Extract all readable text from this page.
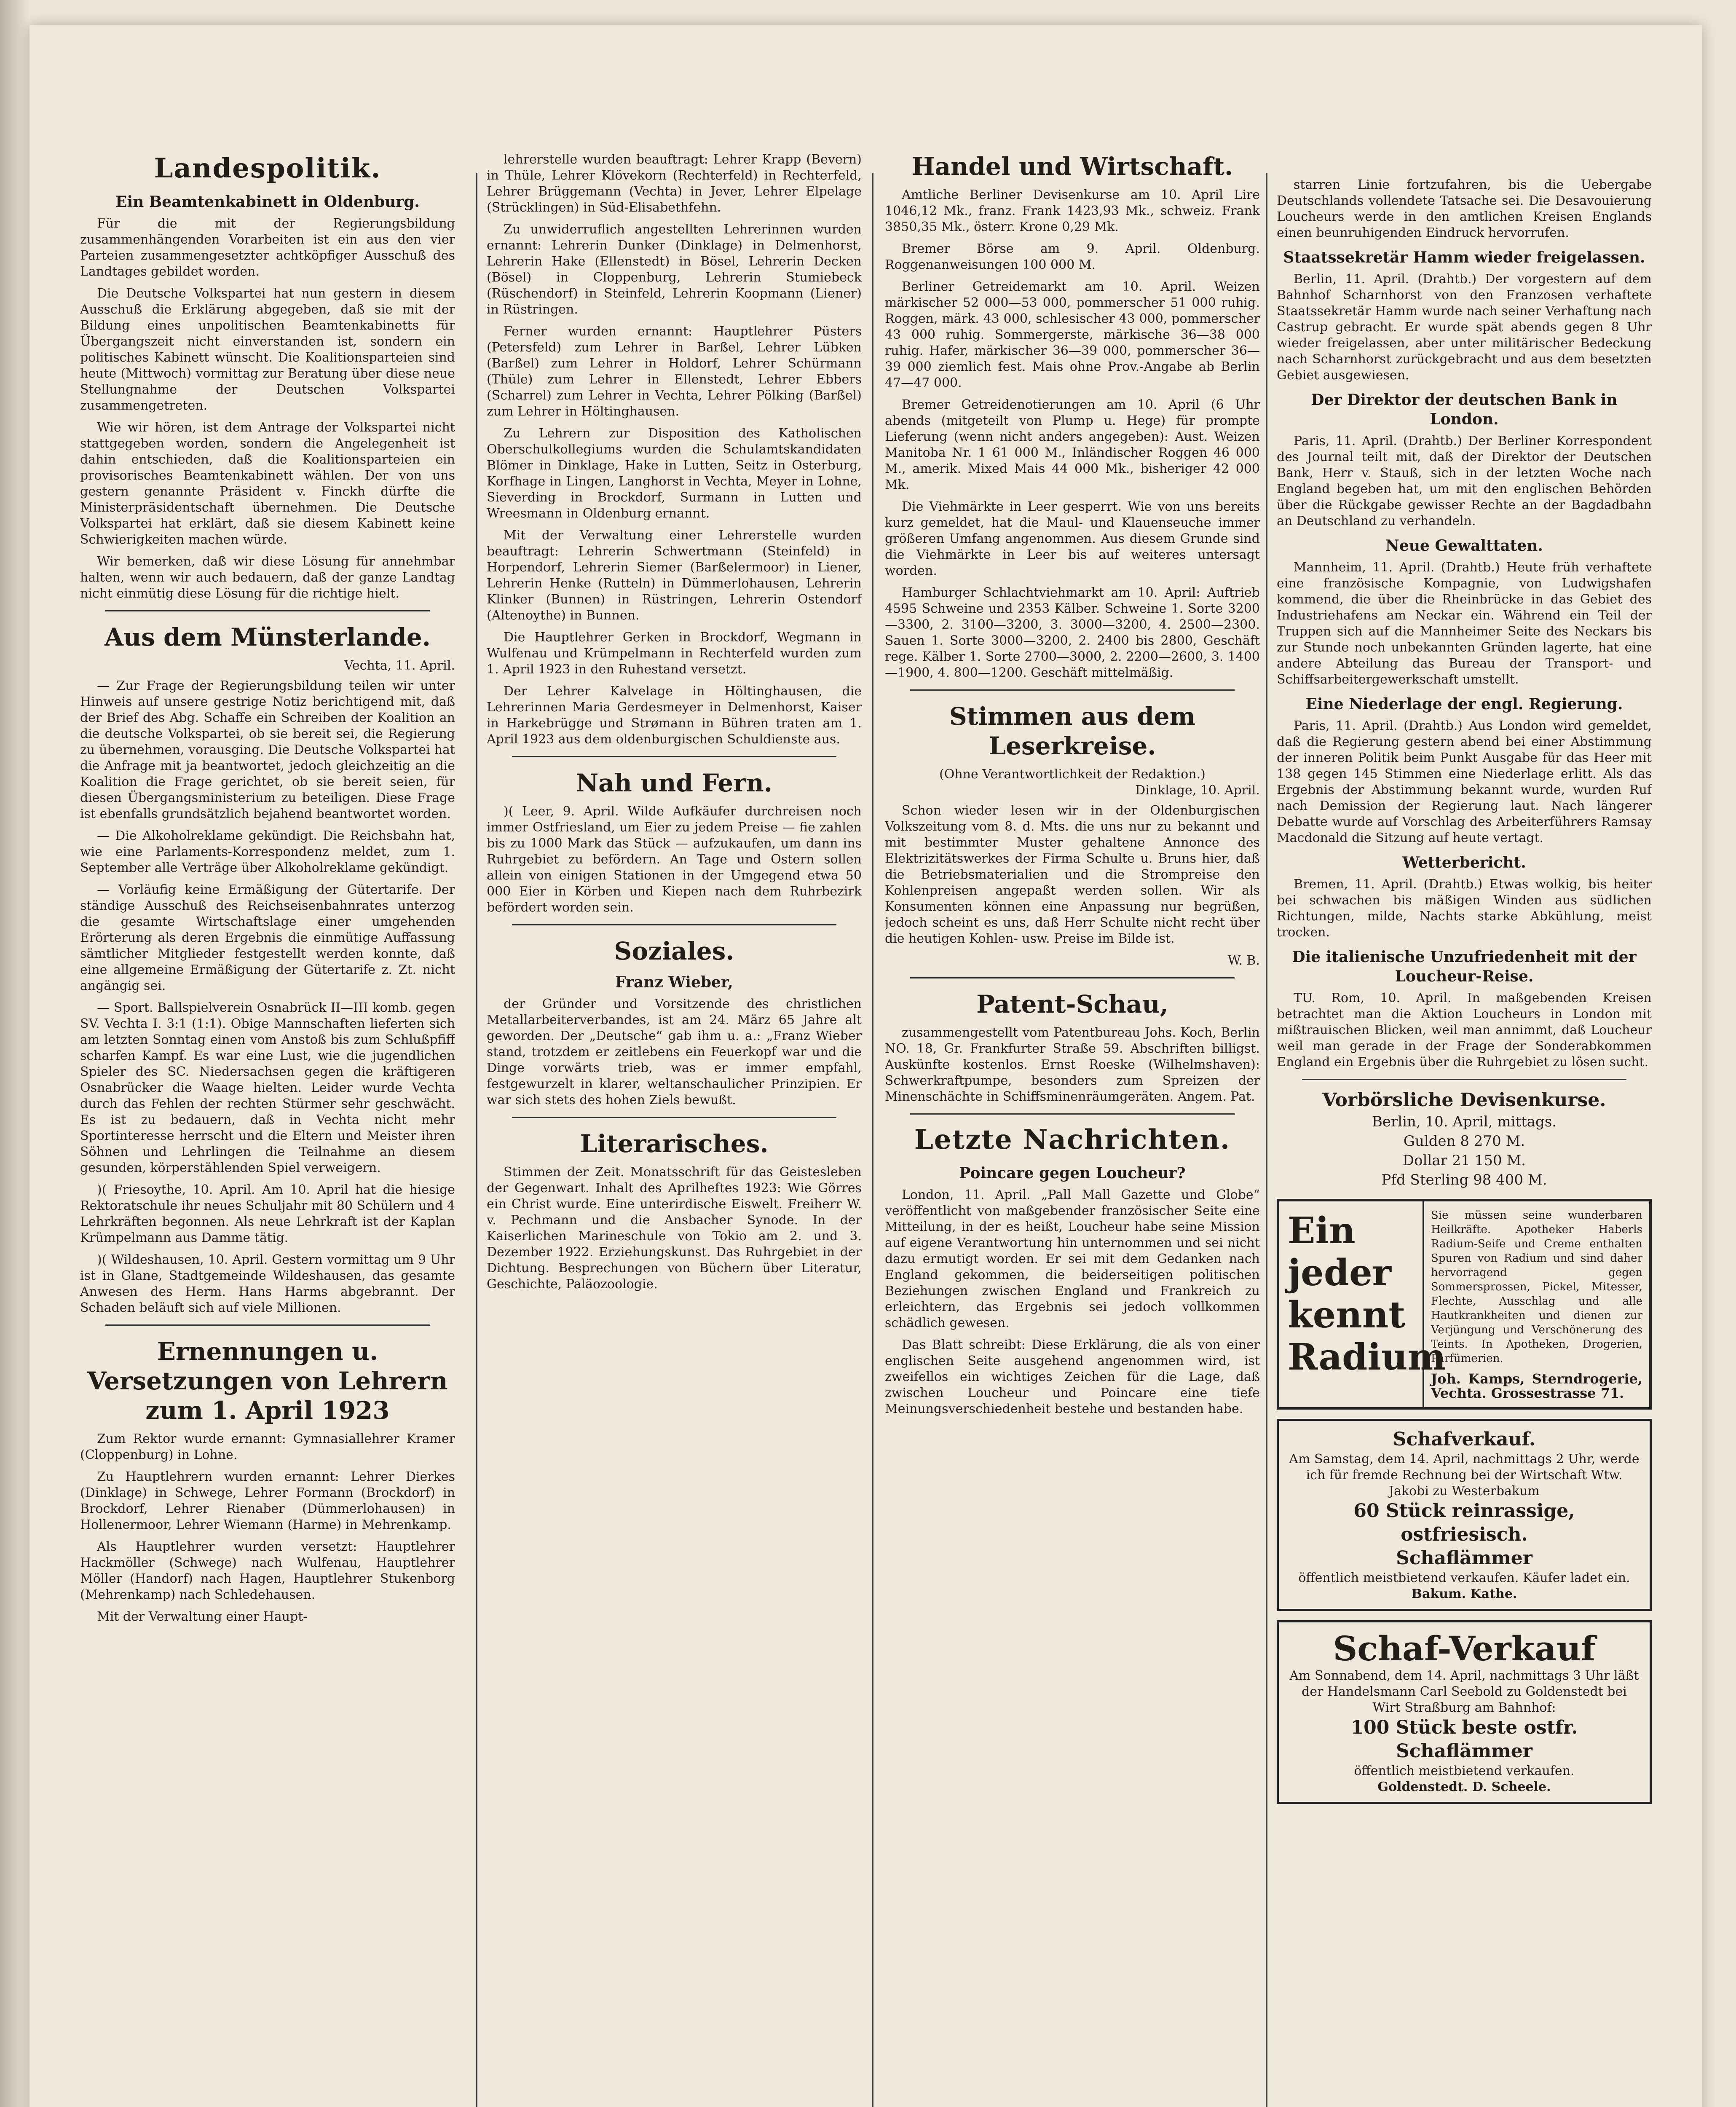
Landespolitik.
Ein Beamtenkabinett in Oldenburg.

Für die mit der Regierungsbildung zusammenhängenden Vorarbeiten ist ein aus den vier Parteien zusammengesetzter achtköpfiger Ausschuß des Landtages gebildet worden.

Die Deutsche Volkspartei hat nun gestern in diesem Ausschuß die Erklärung abgegeben, daß sie mit der Bildung eines unpolitischen Beamtenkabinetts für Übergangszeit nicht einverstanden ist, sondern ein politisches Kabinett wünscht. Die Koalitionsparteien sind heute (Mittwoch) vormittag zur Beratung über diese neue Stellungnahme der Deutschen Volkspartei zusammengetreten.

Wie wir hören, ist dem Antrage der Volkspartei nicht stattgegeben worden, sondern die Angelegenheit ist dahin entschieden, daß die Koalitionsparteien ein provisorisches Beamtenkabinett wählen. Der von uns gestern genannte Präsident v. Finckh dürfte die Ministerpräsidentschaft übernehmen. Die Deutsche Volkspartei hat erklärt, daß sie diesem Kabinett keine Schwierigkeiten machen würde.

Wir bemerken, daß wir diese Lösung für annehmbar halten, wenn wir auch bedauern, daß der ganze Landtag nicht einmütig diese Lösung für die richtige hielt.

Aus dem Münsterlande.
Vechta, 11. April.

— Zur Frage der Regierungsbildung teilen wir unter Hinweis auf unsere gestrige Notiz berichtigend mit, daß der Brief des Abg. Schaffe ein Schreiben der Koalition an die deutsche Volkspartei, ob sie bereit sei, die Regierung zu übernehmen, vorausging. Die Deutsche Volkspartei hat die Anfrage mit ja beantwortet, jedoch gleichzeitig an die Koalition die Frage gerichtet, ob sie bereit seien, für diesen Übergangsministerium zu beteiligen. Diese Frage ist ebenfalls grundsätzlich bejahend beantwortet worden.

— Die Alkoholreklame gekündigt. Die Reichsbahn hat, wie eine Parlaments-Korrespondenz meldet, zum 1. September alle Verträge über Alkoholreklame gekündigt.

— Vorläufig keine Ermäßigung der Gütertarife. Der ständige Ausschuß des Reichseisenbahnrates unterzog die gesamte Wirtschaftslage einer umgehenden Erörterung als deren Ergebnis die einmütige Auffassung sämtlicher Mitglieder festgestellt werden konnte, daß eine allgemeine Ermäßigung der Gütertarife z. Zt. nicht angängig sei.

— Sport. Ballspielverein Osnabrück II—III komb. gegen SV. Vechta I. 3:1 (1:1). Obige Mannschaften lieferten sich am letzten Sonntag einen vom Anstoß bis zum Schlußpfiff scharfen Kampf. Es war eine Lust, wie die jugendlichen Spieler des SC. Niedersachsen gegen die kräftigeren Osnabrücker die Waage hielten. Leider wurde Vechta durch das Fehlen der rechten Stürmer sehr geschwächt. Es ist zu bedauern, daß in Vechta nicht mehr Sportinteresse herrscht und die Eltern und Meister ihren Söhnen und Lehrlingen die Teilnahme an diesem gesunden, körperstählenden Spiel verweigern.

)( Friesoythe, 10. April. Am 10. April hat die hiesige Rektoratschule ihr neues Schuljahr mit 80 Schülern und 4 Lehrkräften begonnen. Als neue Lehrkraft ist der Kaplan Krümpelmann aus Damme tätig.

)( Wildeshausen, 10. April. Gestern vormittag um 9 Uhr ist in Glane, Stadtgemeinde Wildeshausen, das gesamte Anwesen des Herm. Hans Harms abgebrannt. Der Schaden beläuft sich auf viele Millionen.

Ernennungen u. Versetzungen von Lehrern zum 1. April 1923

Zum Rektor wurde ernannt: Gymnasiallehrer Kramer (Cloppenburg) in Lohne.

Zu Hauptlehrern wurden ernannt: Lehrer Dierkes (Dinklage) in Schwege, Lehrer Formann (Brockdorf) in Brockdorf, Lehrer Rienaber (Dümmerlohausen) in Hollenermoor, Lehrer Wiemann (Harme) in Mehrenkamp.

Als Hauptlehrer wurden versetzt: Hauptlehrer Hackmöller (Schwege) nach Wulfenau, Hauptlehrer Möller (Handorf) nach Hagen, Hauptlehrer Stukenborg (Mehrenkamp) nach Schledehausen.

Mit der Verwaltung einer Haupt-

lehrerstelle wurden beauftragt: Lehrer Krapp (Bevern) in Thüle, Lehrer Klövekorn (Rechterfeld) in Rechterfeld, Lehrer Brüggemann (Vechta) in Jever, Lehrer Elpelage (Strücklingen) in Süd-Elisabethfehn.

Zu unwiderruflich angestellten Lehrerinnen wurden ernannt: Lehrerin Dunker (Dinklage) in Delmenhorst, Lehrerin Hake (Ellenstedt) in Bösel, Lehrerin Decken (Bösel) in Cloppenburg, Lehrerin Stumiebeck (Rüschendorf) in Steinfeld, Lehrerin Koopmann (Liener) in Rüstringen.

Ferner wurden ernannt: Hauptlehrer Püsters (Petersfeld) zum Lehrer in Barßel, Lehrer Lübken (Barßel) zum Lehrer in Holdorf, Lehrer Schürmann (Thüle) zum Lehrer in Ellenstedt, Lehrer Ebbers (Scharrel) zum Lehrer in Vechta, Lehrer Pölking (Barßel) zum Lehrer in Höltinghausen.

Zu Lehrern zur Disposition des Katholischen Oberschulkollegiums wurden die Schulamtskandidaten Blömer in Dinklage, Hake in Lutten, Seitz in Osterburg, Korfhage in Lingen, Langhorst in Vechta, Meyer in Lohne, Sieverding in Brockdorf, Surmann in Lutten und Wreesmann in Oldenburg ernannt.

Mit der Verwaltung einer Lehrerstelle wurden beauftragt: Lehrerin Schwertmann (Steinfeld) in Horpendorf, Lehrerin Siemer (Barßelermoor) in Liener, Lehrerin Henke (Rutteln) in Dümmerlohausen, Lehrerin Klinker (Bunnen) in Rüstringen, Lehrerin Ostendorf (Altenoythe) in Bunnen.

Die Hauptlehrer Gerken in Brockdorf, Wegmann in Wulfenau und Krümpelmann in Rechterfeld wurden zum 1. April 1923 in den Ruhestand versetzt.

Der Lehrer Kalvelage in Höltinghausen, die Lehrerinnen Maria Gerdesmeyer in Delmenhorst, Kaiser in Harkebrügge und Strømann in Bühren traten am 1. April 1923 aus dem oldenburgischen Schuldienste aus.

Nah und Fern.

)( Leer, 9. April. Wilde Aufkäufer durchreisen noch immer Ostfriesland, um Eier zu jedem Preise — fie zahlen bis zu 1000 Mark das Stück — aufzukaufen, um dann ins Ruhrgebiet zu befördern. An Tage und Ostern sollen allein von einigen Stationen in der Umgegend etwa 50 000 Eier in Körben und Kiepen nach dem Ruhrbezirk befördert worden sein.

Soziales.
Franz Wieber,

der Gründer und Vorsitzende des christlichen Metallarbeiterverbandes, ist am 24. März 65 Jahre alt geworden. Der „Deutsche“ gab ihm u. a.: „Franz Wieber stand, trotzdem er zeitlebens ein Feuerkopf war und die Dinge vorwärts trieb, was er immer empfahl, festgewurzelt in klarer, weltanschaulicher Prinzipien. Er war sich stets des hohen Ziels bewußt.

Literarisches.

Stimmen der Zeit. Monatsschrift für das Geistesleben der Gegenwart. Inhalt des Aprilheftes 1923: Wie Görres ein Christ wurde. Eine unterirdische Eiswelt. Freiherr W. v. Pechmann und die Ansbacher Synode. In der Kaiserlichen Marineschule von Tokio am 2. und 3. Dezember 1922. Erziehungskunst. Das Ruhrgebiet in der Dichtung. Besprechungen von Büchern über Literatur, Geschichte, Paläozoologie.

Handel und Wirtschaft.

Amtliche Berliner Devisenkurse am 10. April Lire 1046,12 Mk., franz. Frank 1423,93 Mk., schweiz. Frank 3850,35 Mk., österr. Krone 0,29 Mk.

Bremer Börse am 9. April. Oldenburg. Roggenanweisungen 100 000 M.

Berliner Getreidemarkt am 10. April. Weizen märkischer 52 000—53 000, pommerscher 51 000 ruhig. Roggen, märk. 43 000, schlesischer 43 000, pommerscher 43 000 ruhig. Sommergerste, märkische 36—38 000 ruhig. Hafer, märkischer 36—39 000, pommerscher 36—39 000 ziemlich fest. Mais ohne Prov.-Angabe ab Berlin 47—47 000.

Bremer Getreidenotierungen am 10. April (6 Uhr abends (mitgeteilt von Plump u. Hege) für prompte Lieferung (wenn nicht anders angegeben): Aust. Weizen Manitoba Nr. 1 61 000 M., Inländischer Roggen 46 000 M., amerik. Mixed Mais 44 000 Mk., bisheriger 42 000 Mk.

Die Viehmärkte in Leer gesperrt. Wie von uns bereits kurz gemeldet, hat die Maul- und Klauenseuche immer größeren Umfang angenommen. Aus diesem Grunde sind die Viehmärkte in Leer bis auf weiteres untersagt worden.

Hamburger Schlachtviehmarkt am 10. April: Auftrieb 4595 Schweine und 2353 Kälber. Schweine 1. Sorte 3200—3300, 2. 3100—3200, 3. 3000—3200, 4. 2500—2300. Sauen 1. Sorte 3000—3200, 2. 2400 bis 2800, Geschäft rege. Kälber 1. Sorte 2700—3000, 2. 2200—2600, 3. 1400—1900, 4. 800—1200. Geschäft mittelmäßig.

Stimmen aus dem Leserkreise.
(Ohne Verantwortlichkeit der Redaktion.)
Dinklage, 10. April.

Schon wieder lesen wir in der Oldenburgischen Volkszeitung vom 8. d. Mts. die uns nur zu bekannt und mit bestimmter Muster gehaltene Annonce des Elektrizitätswerkes der Firma Schulte u. Bruns hier, daß die Betriebsmaterialien und die Strompreise den Kohlenpreisen angepaßt werden sollen. Wir als Konsumenten können eine Anpassung nur begrüßen, jedoch scheint es uns, daß Herr Schulte nicht recht über die heutigen Kohlen- usw. Preise im Bilde ist.

W. B.
Patent-Schau,

zusammengestellt vom Patentbureau Johs. Koch, Berlin NO. 18, Gr. Frankfurter Straße 59. Abschriften billigst. Auskünfte kostenlos. Ernst Roeske (Wilhelmshaven): Schwerkraftpumpe, besonders zum Spreizen der Minenschächte in Schiffsminenräumgeräten. Angem. Pat.

Letzte Nachrichten.
Poincare gegen Loucheur?

London, 11. April. „Pall Mall Gazette und Globe“ veröffentlicht von maßgebender französischer Seite eine Mitteilung, in der es heißt, Loucheur habe seine Mission auf eigene Verantwortung hin unternommen und sei nicht dazu ermutigt worden. Er sei mit dem Gedanken nach England gekommen, die beiderseitigen politischen Beziehungen zwischen England und Frankreich zu erleichtern, das Ergebnis sei jedoch vollkommen schädlich gewesen.

Das Blatt schreibt: Diese Erklärung, die als von einer englischen Seite ausgehend angenommen wird, ist zweifellos ein wichtiges Zeichen für die Lage, daß zwischen Loucheur und Poincare eine tiefe Meinungsverschiedenheit bestehe und bestanden habe.

starren Linie fortzufahren, bis die Uebergabe Deutschlands vollendete Tatsache sei. Die Desavouierung Loucheurs werde in den amtlichen Kreisen Englands einen beunruhigenden Eindruck hervorrufen.

Staatssekretär Hamm wieder freigelassen.

Berlin, 11. April. (Drahtb.) Der vorgestern auf dem Bahnhof Scharnhorst von den Franzosen verhaftete Staatssekretär Hamm wurde nach seiner Verhaftung nach Castrup gebracht. Er wurde spät abends gegen 8 Uhr wieder freigelassen, aber unter militärischer Bedeckung nach Scharnhorst zurückgebracht und aus dem besetzten Gebiet ausgewiesen.

Der Direktor der deutschen Bank in London.

Paris, 11. April. (Drahtb.) Der Berliner Korrespondent des Journal teilt mit, daß der Direktor der Deutschen Bank, Herr v. Stauß, sich in der letzten Woche nach England begeben hat, um mit den englischen Behörden über die Rückgabe gewisser Rechte an der Bagdadbahn an Deutschland zu verhandeln.

Neue Gewalttaten.

Mannheim, 11. April. (Drahtb.) Heute früh verhaftete eine französische Kompagnie, von Ludwigshafen kommend, die über die Rheinbrücke in das Gebiet des Industriehafens am Neckar ein. Während ein Teil der Truppen sich auf die Mannheimer Seite des Neckars bis zur Stunde noch unbekannten Gründen lagerte, hat eine andere Abteilung das Bureau der Transport- und Schiffsarbeitergewerkschaft umstellt.

Eine Niederlage der engl. Regierung.

Paris, 11. April. (Drahtb.) Aus London wird gemeldet, daß die Regierung gestern abend bei einer Abstimmung der inneren Politik beim Punkt Ausgabe für das Heer mit 138 gegen 145 Stimmen eine Niederlage erlitt. Als das Ergebnis der Abstimmung bekannt wurde, wurden Ruf nach Demission der Regierung laut. Nach längerer Debatte wurde auf Vorschlag des Arbeiterführers Ramsay Macdonald die Sitzung auf heute vertagt.

Wetterbericht.

Bremen, 11. April. (Drahtb.) Etwas wolkig, bis heiter bei schwachen bis mäßigen Winden aus südlichen Richtungen, milde, Nachts starke Abkühlung, meist trocken.

Die italienische Unzufriedenheit mit der Loucheur-Reise.

TU. Rom, 10. April. In maßgebenden Kreisen betrachtet man die Aktion Loucheurs in London mit mißtrauischen Blicken, weil man annimmt, daß Loucheur weil man gerade in der Frage der Sonderabkommen England ein Ergebnis über die Ruhrgebiet zu lösen sucht.

Vorbörsliche Devisenkurse.
Berlin, 10. April, mittags.
Gulden 8 270 M.
Dollar 21 150 M.
Pfd Sterling 98 400 M.
Ein jeder kennt Radium
Sie müssen seine wunderbaren Heilkräfte. Apotheker Haberls Radium-Seife und Creme enthalten Spuren von Radium und sind daher hervorragend gegen Sommersprossen, Pickel, Mitesser, Flechte, Ausschlag und alle Hautkrankheiten und dienen zur Verjüngung und Verschönerung des Teints. In Apotheken, Drogerien, Parfümerien.
Joh. Kamps, Sterndrogerie, Vechta. Grossestrasse 71.
Schafverkauf.
Am Samstag, dem 14. April, nachmittags 2 Uhr, werde ich für fremde Rechnung bei der Wirtschaft Wtw. Jakobi zu Westerbakum
60 Stück reinrassige, ostfriesisch.
Schaflämmer
öffentlich meistbietend verkaufen. Käufer ladet ein.
Bakum. Kathe.
Schaf-Verkauf
Am Sonnabend, dem 14. April, nachmittags 3 Uhr läßt der Handelsmann Carl Seebold zu Goldenstedt bei Wirt Straßburg am Bahnhof:
100 Stück beste ostfr. Schaflämmer
öffentlich meistbietend verkaufen.
Goldenstedt. D. Scheele.
